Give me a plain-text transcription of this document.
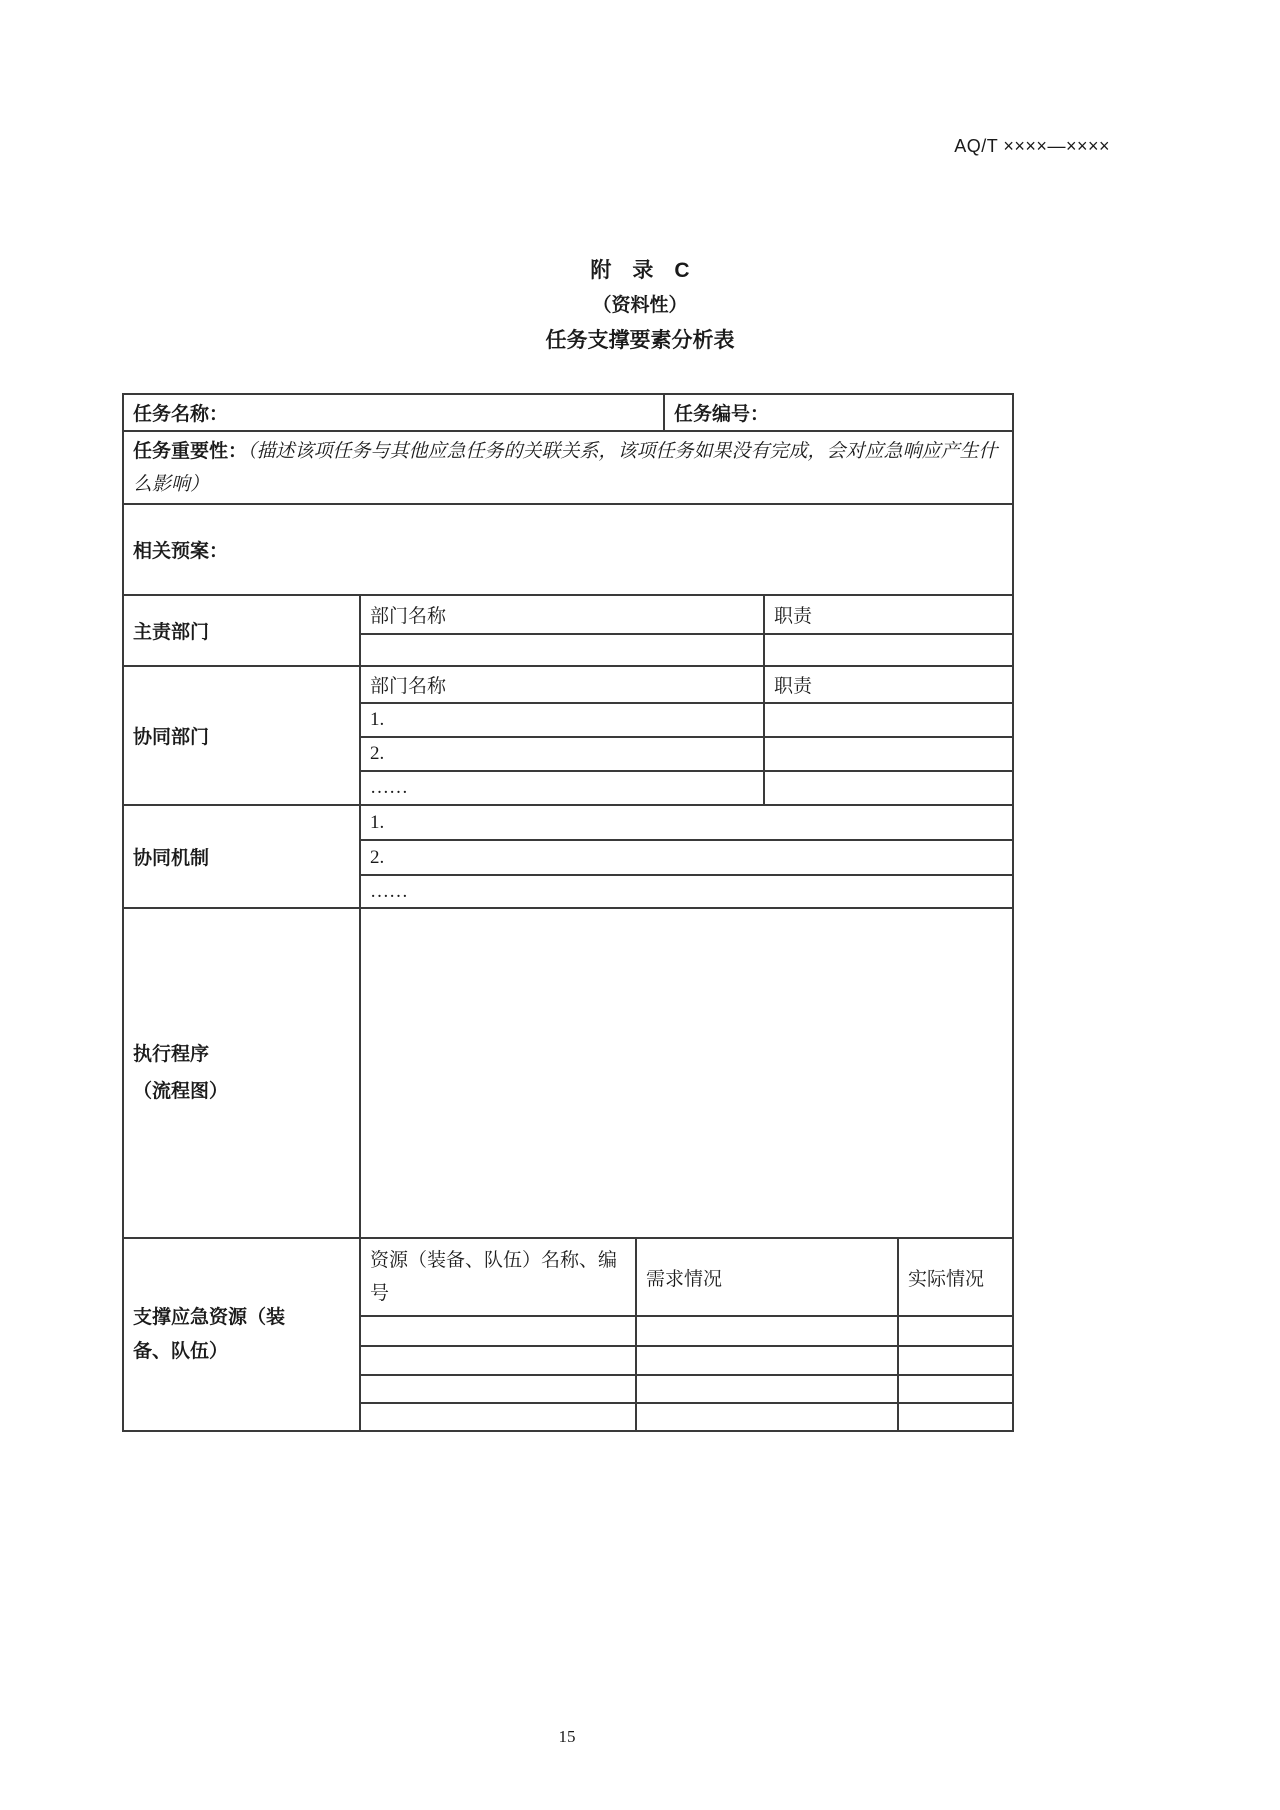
AQ/T ××××—××××
附　录　C
（资料性）
任务支撑要素分析表
任务名称：			任务编号：		
任务重要性：（描述该项任务与其他应急任务的关联关系，该项任务如果没有完成，会对应急响应产生什么影响）					
相关预案：					
主责部门	部门名称			职责	

协同部门	部门名称			职责	
	1.				
	2.				
	……				
协同机制	1.				
	2.				
	……				

执行程序
（流程图）					

支撑应急资源（装备、队伍）	资源（装备、队伍）名称、编号	需求情况			实际情况

15
